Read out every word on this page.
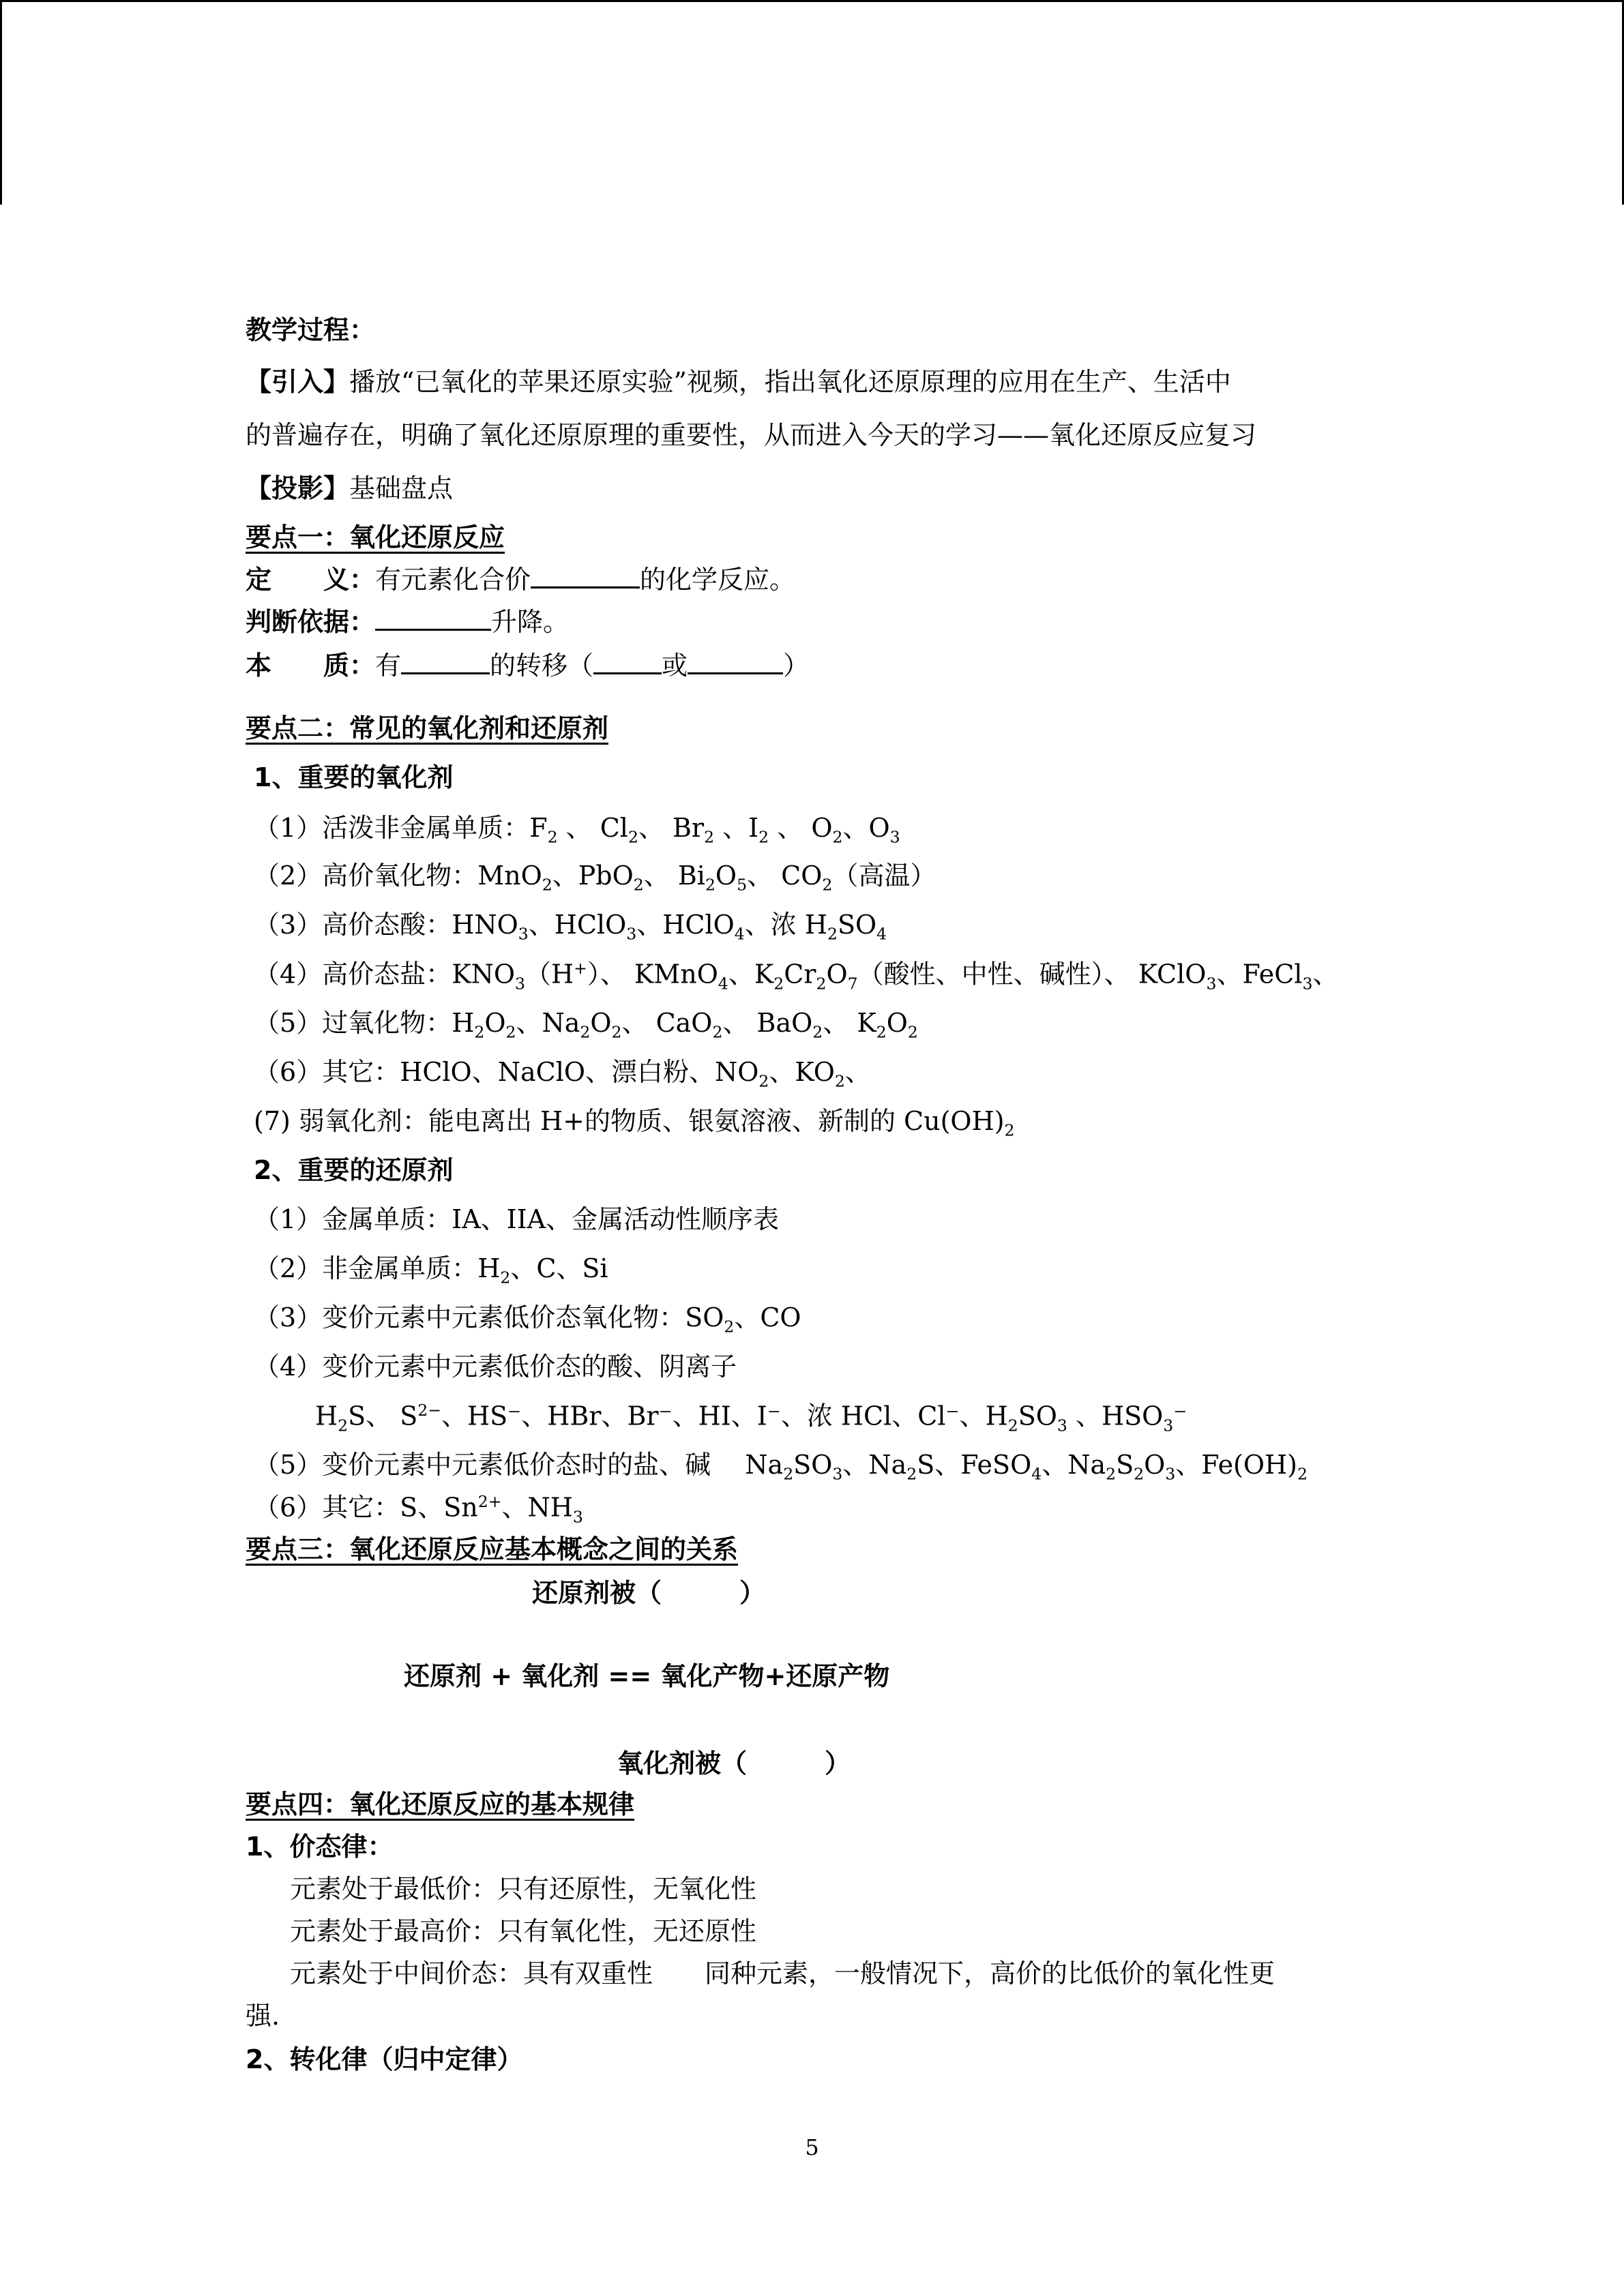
教学过程：
【引入】播放“已氧化的苹果还原实验”视频，指出氧化还原原理的应用在生产、生活中
的普遍存在，明确了氧化还原原理的重要性，从而进入今天的学习——氧化还原反应复习
【投影】基础盘点
要点一：氧化还原反应
定　　义：有元素化合价	的化学反应。
判断依据：	升降。
本　　质：有	的转移（	或	）
要点二：常见的氧化剂和还原剂
1、重要的氧化剂
（1）活泼非金属单质：$F_2$ 、 $Cl_2$、 $Br_2$ 、$I_2$ 、 $O_2$、$O_3$
（2）高价氧化物：MnO$_2$、PbO$_2$、 $Bi_2O_5$、 $CO_2$（高温）
（3）高价态酸：$HNO_3$、HClO$_3$、HClO$_4$、浓 $H_2SO_4$
（4）高价态盐：$KNO_3(H^+)$、 KMnO$_4$、$K_2Cr_2O_7$（酸性、中性、碱性）、 KClO$_3$、FeCl$_3$、
（5）过氧化物：$H_2O_2$、$Na_2O_2$、 CaO$_2$、 BaO$_2$、 $K_2O_2$
（6）其它：HClO、NaClO、漂白粉、$NO_2$、$KO_2$、
(7) 弱氧化剂：能电离出 H+的物质、银氨溶液、新制的 $Cu(OH)_2$
2、重要的还原剂
（1）金属单质：IA、IIA、金属活动性顺序表
（2）非金属单质：$H_2$、C、Si
（3）变价元素中元素低价态氧化物：$SO_2$、CO
（4）变价元素中元素低价态的酸、阴离子
$H_2S$、 $S^{2-}$、HS⁻、HBr、Br⁻、HI、I⁻、浓 HCl、Cl⁻、$H_2SO_3$ 、$HSO_3^-$
（5）变价元素中元素低价态时的盐、碱　 $Na_2SO_3$、$Na_2S$、FeSO$_4$、$Na_2S_2O_3$、$Fe(OH)_2$
（6）其它：S、$Sn^{2+}$、$NH_3$
要点三：氧化还原反应基本概念之间的关系
还原剂被（　　　）
还原剂 + 氧化剂 == 氧化产物+还原产物
氧化剂被（　　　）
要点四：氧化还原反应的基本规律
1、价态律：
元素处于最低价：只有还原性，无氧化性
元素处于最高价：只有氧化性，无还原性
元素处于中间价态：具有双重性　　同种元素，一般情况下，高价的比低价的氧化性更
强.
2、转化律（归中定律）
5
